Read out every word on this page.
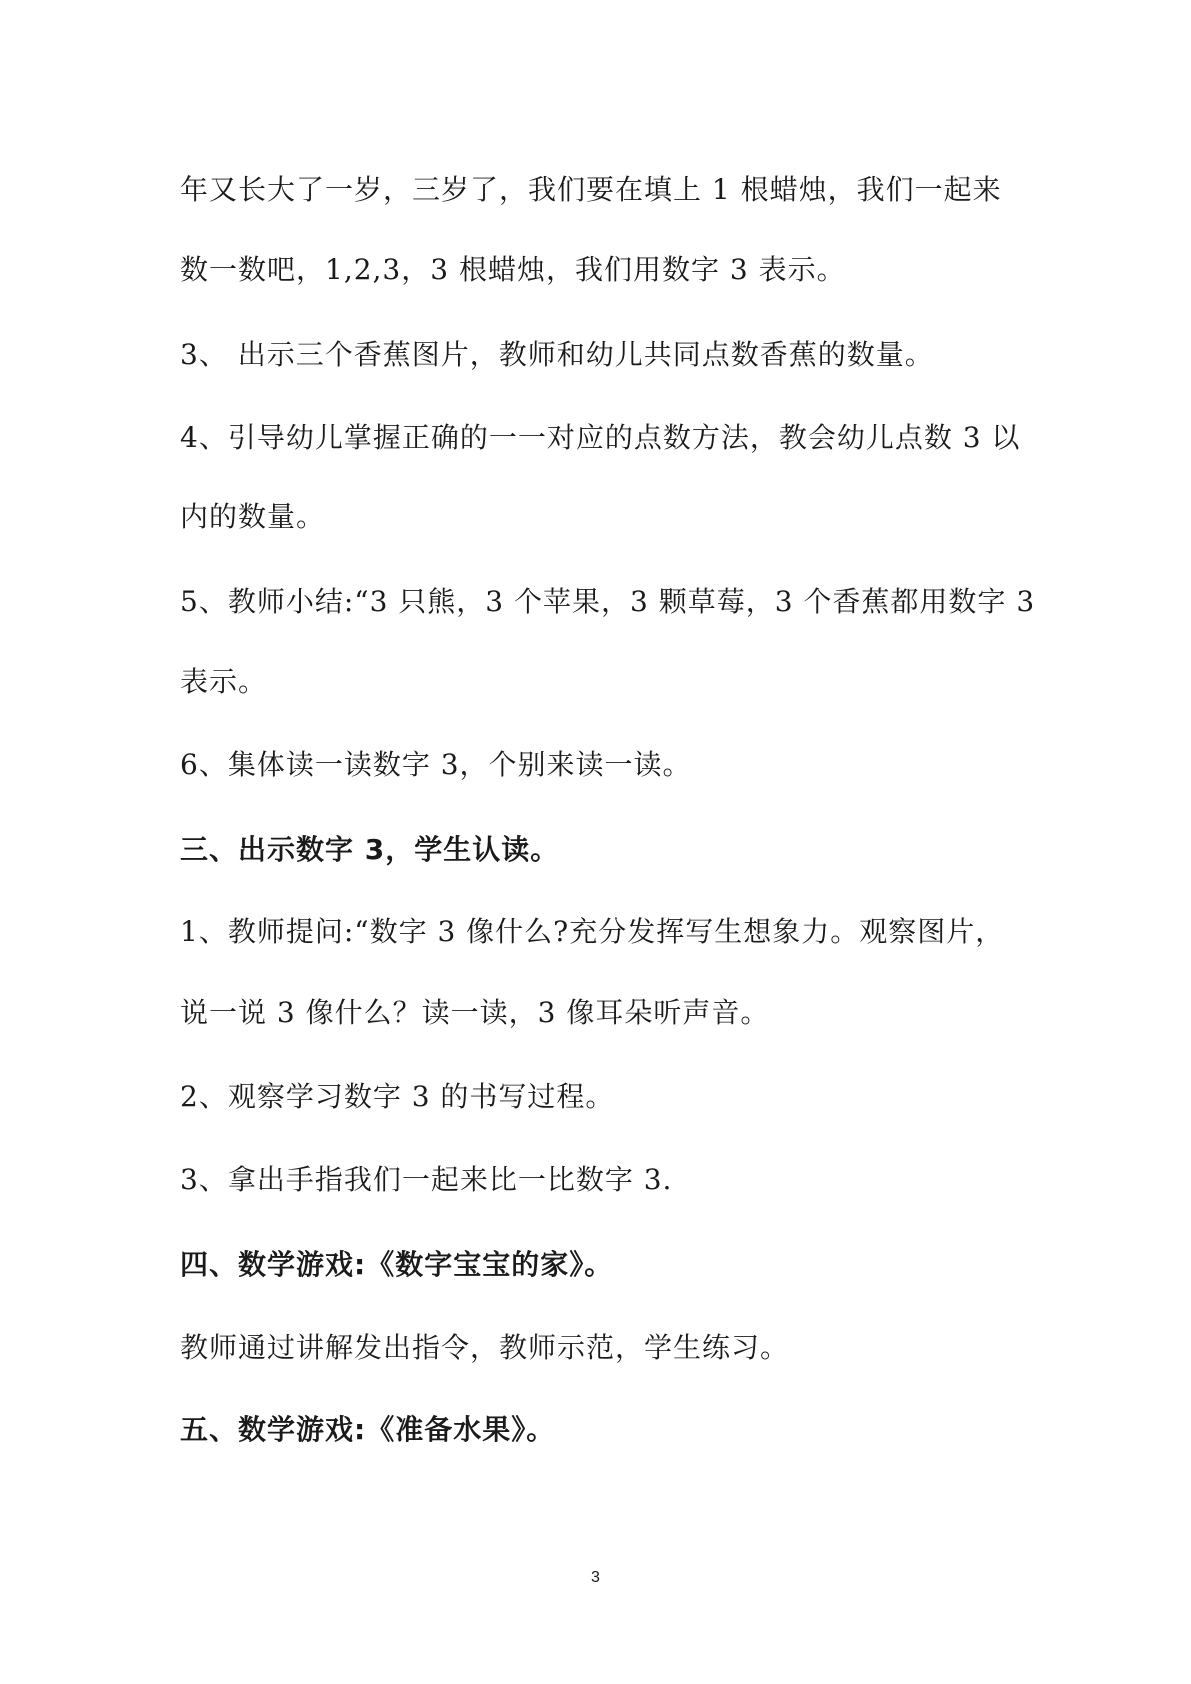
年又长大了一岁，三岁了，我们要在填上 1 根蜡烛，我们一起来
数一数吧，1,2,3，3 根蜡烛，我们用数字 3 表示。
3、 出示三个香蕉图片，教师和幼儿共同点数香蕉的数量。
4、引导幼儿掌握正确的一一对应的点数方法，教会幼儿点数 3 以
内的数量。
5、教师小结:“3 只熊，3 个苹果，3 颗草莓，3 个香蕉都用数字 3
表示。
6、集体读一读数字 3，个别来读一读。
三、出示数字 3，学生认读。
1、教师提问:“数字 3 像什么?充分发挥写生想象力。观察图片，
说一说 3 像什么？读一读，3 像耳朵听声音。
2、观察学习数字 3 的书写过程。
3、拿出手指我们一起来比一比数字 3.
四、数学游戏:《数字宝宝的家》。
教师通过讲解发出指令，教师示范，学生练习。
五、数学游戏:《准备水果》。
3
